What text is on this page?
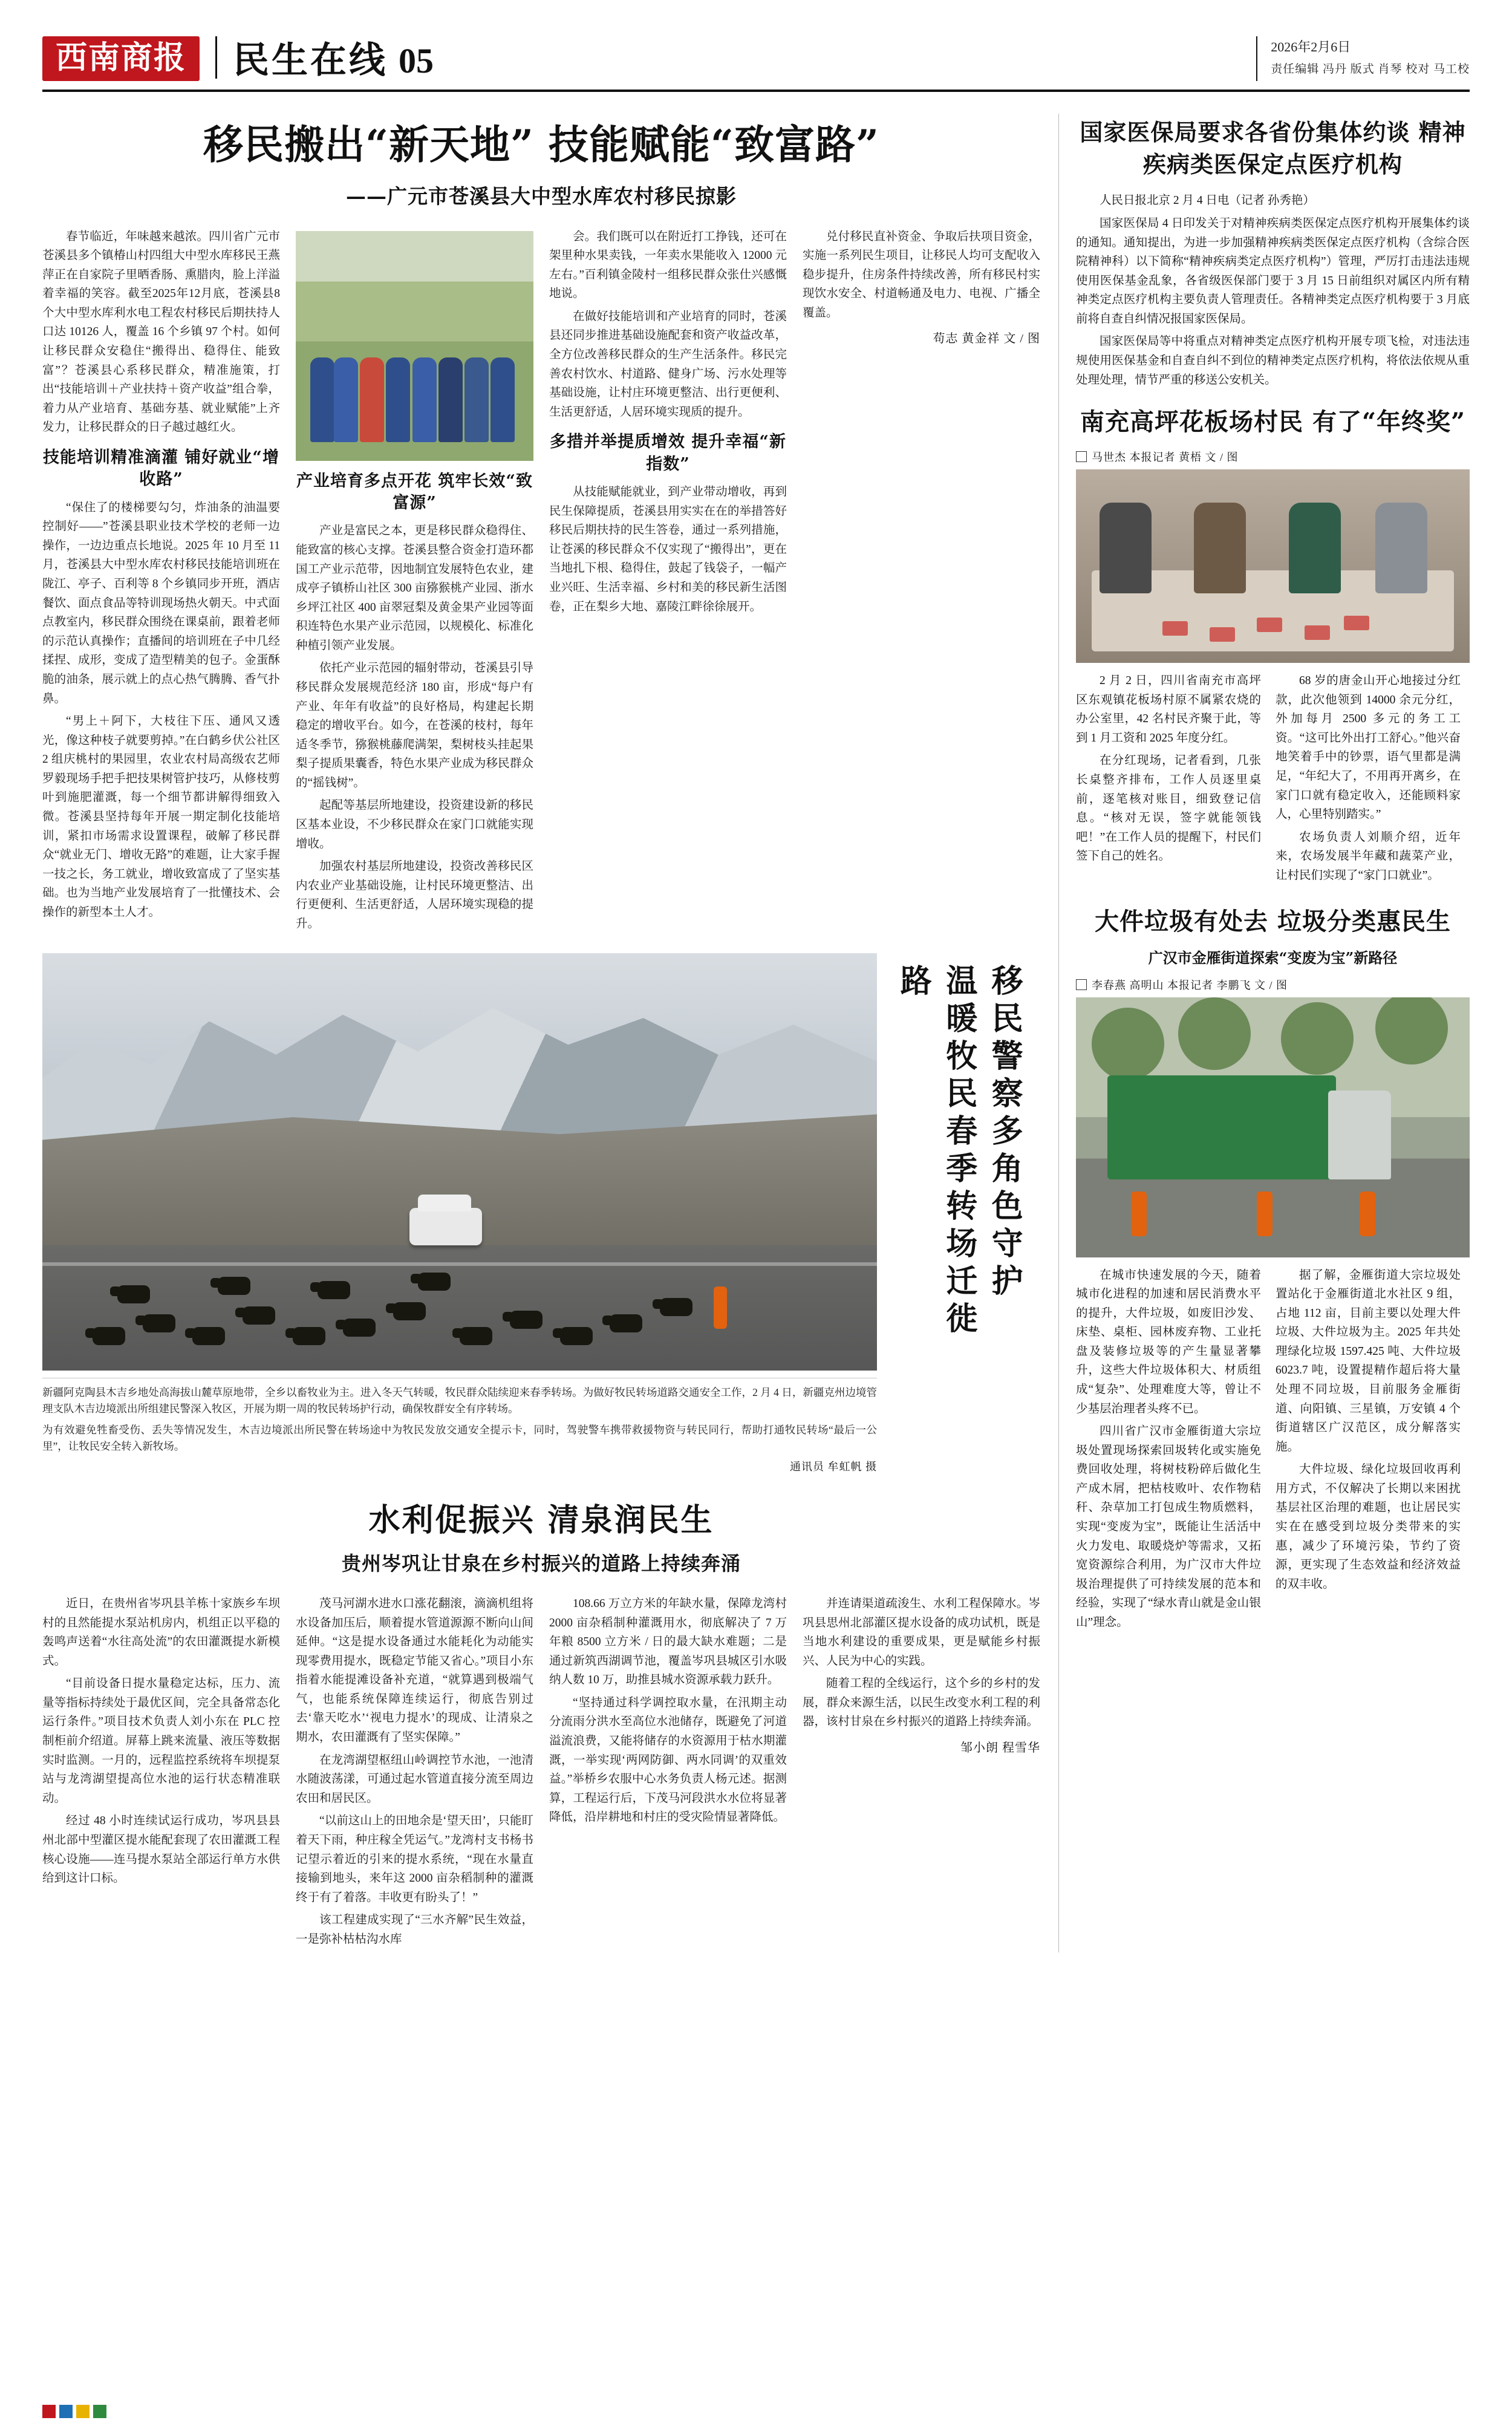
西南商报	民生在线 05	2026年2月6日
责任编辑 冯丹 版式 肖琴 校对 马工校
移民搬出“新天地” 技能赋能“致富路”
——广元市苍溪县大中型水库农村移民掠影

春节临近，年味越来越浓。四川省广元市苍溪县多个镇椿山村四组大中型水库移民王燕萍正在自家院子里晒香肠、熏腊肉，脸上洋溢着幸福的笑容。截至2025年12月底，苍溪县8个大中型水库利水电工程农村移民后期扶持人口达 10126 人，覆盖 16 个乡镇 97 个村。如何让移民群众安稳住“搬得出、稳得住、能致富”？苍溪县心系移民群众，精准施策，打出“技能培训＋产业扶持＋资产收益”组合拳，着力从产业培育、基础夯基、就业赋能”上齐发力，让移民群众的日子越过越红火。

技能培训精准滴灌 铺好就业“增收路”

“保住了的楼梯要勾匀，炸油条的油温要控制好——”苍溪县职业技术学校的老师一边操作，一边边重点长地说。2025 年 10 月至 11 月，苍溪县大中型水库农村移民技能培训班在陇江、亭子、百利等 8 个乡镇同步开班，酒店餐饮、面点食品等特训现场热火朝天。中式面点教室内，移民群众围绕在课桌前，跟着老师的示范认真操作；直播间的培训班在子中几经揉捏、成形，变成了造型精美的包子。金蛋酥脆的油条，展示就上的点心热气腾腾、香气扑鼻。

“男上＋阿下，大枝往下压、通风又透光，像这种枝子就要剪掉。”在白鹤乡伏公社区 2 组庆桃村的果园里，农业农村局高级农艺师罗毅现场手把手把技果树管护技巧，从修枝剪叶到施肥灌溉，每一个细节都讲解得细致入微。苍溪县坚持每年开展一期定制化技能培训，紧扣市场需求设置课程，破解了移民群众“就业无门、增收无路”的难题，让大家手握一技之长，务工就业，增收致富成了了坚实基础。也为当地产业发展培育了一批懂技术、会操作的新型本土人才。

产业培育多点开花 筑牢长效“致富源”

产业是富民之本，更是移民群众稳得住、能致富的核心支撑。苍溪县整合资金打造环都国工产业示范带，因地制宜发展特色农业，建成亭子镇桥山社区 300 亩猕猴桃产业园、浙水乡坪江社区 400 亩翠冠梨及黄金果产业园等面积连特色水果产业示范园，以规模化、标准化种植引领产业发展。

依托产业示范园的辐射带动，苍溪县引导移民群众发展规范经济 180 亩，形成“每户有产业、年年有收益”的良好格局，构建起长期稳定的增收平台。如今，在苍溪的枝村，每年适冬季节，猕猴桃藤爬满架，梨树枝头挂起果梨子提质果囊香，特色水果产业成为移民群众的“摇钱树”。

起配等基层所地建设，投资建设新的移民区基本业设，不少移民群众在家门口就能实现增收。

加强农村基层所地建设，投资改善移民区内农业产业基础设施，让村民环境更整洁、出行更便利、生活更舒适，人居环境实现稳的提升。

会。我们既可以在附近打工挣钱，还可在架里种水果卖钱，一年卖水果能收入 12000 元左右。”百利镇金陵村一组移民群众张仕兴感慨地说。

在做好技能培训和产业培育的同时，苍溪县还同步推进基础设施配套和资产收益改革，全方位改善移民群众的生产生活条件。移民完善农村饮水、村道路、健身广场、污水处理等基础设施，让村庄环境更整洁、出行更便利、生活更舒适，人居环境实现质的提升。

多措并举提质增效 提升幸福“新指数”

从技能赋能就业，到产业带动增收，再到民生保障提质，苍溪县用实实在在的举措答好移民后期扶持的民生答卷，通过一系列措施，让苍溪的移民群众不仅实现了“搬得出”，更在当地扎下根、稳得住，鼓起了钱袋子，一幅产业兴旺、生活幸福、乡村和美的移民新生活图卷，正在梨乡大地、嘉陵江畔徐徐展开。

兑付移民直补资金、争取后扶项目资金，实施一系列民生项目，让移民人均可支配收入稳步提升，住房条件持续改善，所有移民村实现饮水安全、村道畅通及电力、电视、广播全覆盖。

苟志 黄金祥 文 / 图
新疆阿克陶县木吉乡地处高海拔山麓草原地带，全乡以畜牧业为主。进入冬天气转暖，牧民群众陆续迎来春季转场。为做好牧民转场道路交通安全工作，2 月 4 日，新疆克州边境管理支队木吉边境派出所组建民警深入牧区，开展为期一周的牧民转场护行动，确保牧群安全有序转场。
为有效避免牲畜受伤、丢失等情况发生，木吉边境派出所民警在转场途中为牧民发放交通安全提示卡，同时，驾驶警车携带救援物资与转民同行，帮助打通牧民转场“最后一公里”，让牧民安全转入新牧场。
通讯员 牟虹帆 摄
移民警察多角色守护 温暖牧民春季转场迁徙路
水利促振兴 清泉润民生
贵州岑巩让甘泉在乡村振兴的道路上持续奔涌

近日，在贵州省岑巩县羊栋十家族乡车坝村的且然能提水泵站机房内，机组正以平稳的轰鸣声送着“水往高处流”的农田灌溉提水新模式。

“目前设备日提水量稳定达标，压力、流量等指标持续处于最优区间，完全具备常态化运行条件。”项目技术负责人刘小东在 PLC 控制柜前介绍道。屏幕上跳来流量、液压等数据实时监测。一月的，远程监控系统将车坝提泵站与龙湾湖望提高位水池的运行状态精准联动。

经过 48 小时连续试运行成功，岑巩县县州北部中型灌区提水能配套现了农田灌溉工程核心设施——连马提水泵站全部运行单方水供给到这计口标。

茂马河湖水进水口涨花翻滚，滴滴机组将水设备加压后，顺着提水管道源源不断向山间延伸。“这是提水设备通过水能耗化为动能实现零费用提水，既稳定节能又省心。”项目小东指着水能提滩设备补充道，“就算遇到极端气气，也能系统保障连续运行，彻底告别过去‘靠天吃水’‘视电力提水’的现成、让清泉之期水，农田灌溉有了坚实保障。”

在龙湾湖望枢纽山岭调控节水池，一池清水随波荡漾，可通过起水管道直接分流至周边农田和居民区。

“以前这山上的田地余是‘望天田’，只能盯着天下雨，种庄稼全凭运气。”龙湾村支书杨书记望示着近的引来的提水系统，“现在水量直接输到地头，来年这 2000 亩杂稻制种的灌溉终于有了着落。丰收更有盼头了！”

该工程建成实现了“三水齐解”民生效益，一是弥补枯枯沟水库

108.66 万立方米的年缺水量，保障龙湾村 2000 亩杂稻制种灌溉用水，彻底解决了 7 万年粮 8500 立方米 / 日的最大缺水难题；二是通过新筑西湖调节池，覆盖岑巩县城区引水吸纳人数 10 万，助推县城水资源承载力跃升。

“坚持通过科学调控取水量，在汛期主动分流雨分洪水至高位水池储存，既避免了河道溢流浪费，又能将储存的水资源用于枯水期灌溉，一举实现‘两网防御、两水同调’的双重效益。”举桥乡农服中心水务负责人杨元述。据测算，工程运行后，下茂马河段洪水水位将显著降低，沿岸耕地和村庄的受灾险情显著降低。

并连请渠道疏浚生、水利工程保障水。岑巩县思州北部灌区提水设备的成功试机，既是当地水利建设的重要成果，更是赋能乡村振兴、人民为中心的实践。

随着工程的全线运行，这个乡的乡村的发展，群众来源生活，以民生改变水利工程的利器，该村甘泉在乡村振兴的道路上持续奔涌。

邹小朗 程雪华
国家医保局要求各省份集体约谈 精神疾病类医保定点医疗机构

人民日报北京 2 月 4 日电（记者 孙秀艳）

国家医保局 4 日印发关于对精神疾病类医保定点医疗机构开展集体约谈的通知。通知提出，为进一步加强精神疾病类医保定点医疗机构（含综合医院精神科）以下简称“精神疾病类定点医疗机构”）管理，严厉打击违法违规使用医保基金乱象，各省级医保部门要于 3 月 15 日前组织对属区内所有精神类定点医疗机构主要负责人管理责任。各精神类定点医疗机构要于 3 月底前将自查自纠情况报国家医保局。

国家医保局等中将重点对精神类定点医疗机构开展专项飞检，对违法违规使用医保基金和自查自纠不到位的精神类定点医疗机构，将依法依规从重处理处理，情节严重的移送公安机关。

南充高坪花板场村民 有了“年终奖”
马世杰 本报记者 黄梧 文 / 图

2 月 2 日，四川省南充市高坪区东观镇花板场村原不属紧农烧的办公室里，42 名村民齐聚于此，等到 1 月工资和 2025 年度分红。

在分红现场，记者看到，几张长桌整齐排布，工作人员逐里桌前，逐笔核对账目，细致登记信息。“核对无误，签字就能领钱吧！”在工作人员的提醒下，村民们签下自己的姓名。

68 岁的唐金山开心地接过分红款，此次他领到 14000 余元分红，外加每月 2500 多元的务工工资。“这可比外出打工舒心。”他兴奋地笑着手中的钞票，语气里都是满足，“年纪大了，不用再开离乡，在家门口就有稳定收入，还能顾料家人，心里特别踏实。”

农场负责人刘顺介绍，近年来，农场发展半年藏和蔬菜产业，让村民们实现了“家门口就业”。

大件垃圾有处去 垃圾分类惠民生
广汉市金雁街道探索“变废为宝”新路径
李春燕 高明山 本报记者 李鹏飞 文 / 图

在城市快速发展的今天，随着城市化进程的加速和居民消费水平的提升，大件垃圾，如废旧沙发、床垫、桌柜、园林废弃物、工业托盘及装修垃圾等的产生量显著攀升，这些大件垃圾体积大、材质组成“复杂”、处理难度大等，曾让不少基层治理者头疼不已。

四川省广汉市金雁街道大宗垃圾处置现场探索回圾转化或实施免费回收处理，将树枝粉碎后做化生产成木屑，把枯枝败叶、农作物秸秆、杂草加工打包成生物质燃料，实现“变废为宝”，既能让生活活中火力发电、取暖烧炉等需求，又拓宽资源综合利用，为广汉市大件垃圾治理提供了可持续发展的范本和经验，实现了“绿水青山就是金山银山”理念。

据了解，金雁街道大宗垃圾处置站化于金雁街道北水社区 9 组，占地 112 亩，目前主要以处理大件垃圾、大件垃圾为主。2025 年共处理绿化垃圾 1597.425 吨、大件垃圾 6023.7 吨，设置提精作超后将大量处理不同垃圾，目前服务金雁街道、向阳镇、三星镇，万安镇 4 个街道辖区广汉范区，成分解落实施。

大件垃圾、绿化垃圾回收再利用方式，不仅解决了长期以来困扰基层社区治理的难题，也让居民实实在在感受到垃圾分类带来的实惠，减少了环境污染，节约了资源，更实现了生态效益和经济效益的双丰收。
